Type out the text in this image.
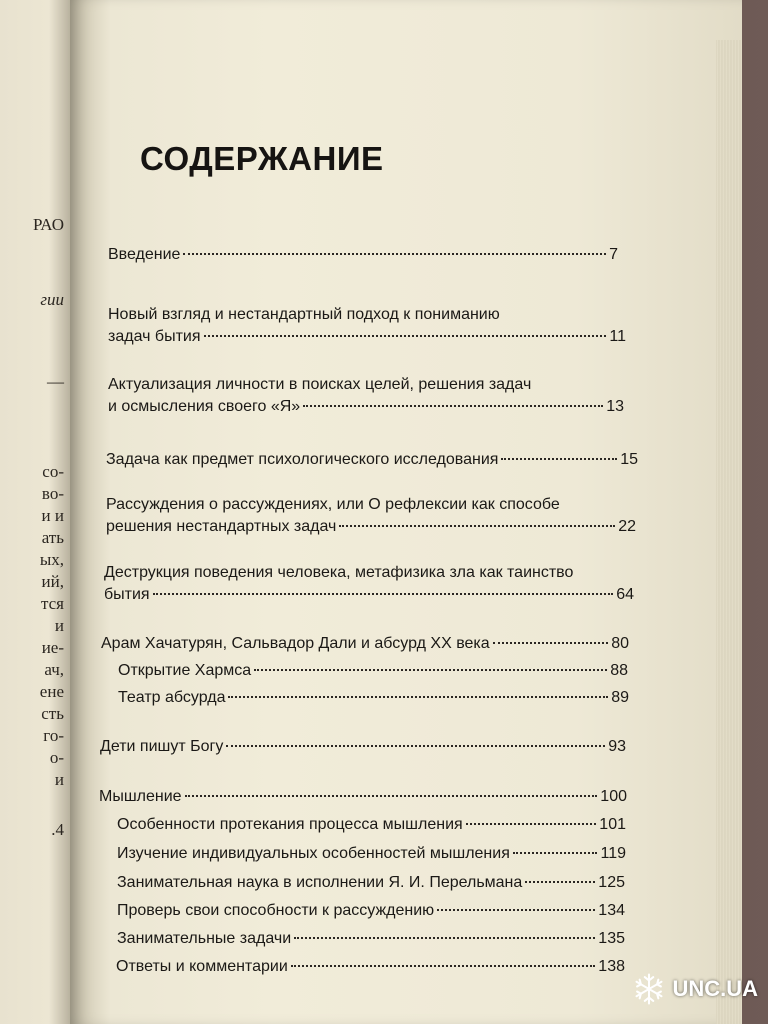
РАО
гии
—
со-
во-
и и
ать
ых,
ий,
тся
и
ие-
ач,
ене
сть
го-
о-
и
.4
СОДЕРЖАНИЕ
Введение	7
Новый взгляд и нестандартный подход к пониманию
задач бытия	11
Актуализация личности в поисках целей, решения задач
и осмысления своего «Я»	13
Задача как предмет психологического исследования	15
Рассуждения о рассуждениях, или О рефлексии как способе
решения нестандартных задач	22
Деструкция поведения человека, метафизика зла как таинство
бытия	64
Арам Хачатурян, Сальвадор Дали и абсурд XX века	80
Открытие Хармса	88
Театр абсурда	89
Дети пишут Богу	93
Мышление	100
Особенности протекания процесса мышления	101
Изучение индивидуальных особенностей мышления	119
Занимательная наука в исполнении Я. И. Перельмана	125
Проверь свои способности к рассуждению	134
Занимательные задачи	135
Ответы и комментарии	138
UNC.UA
